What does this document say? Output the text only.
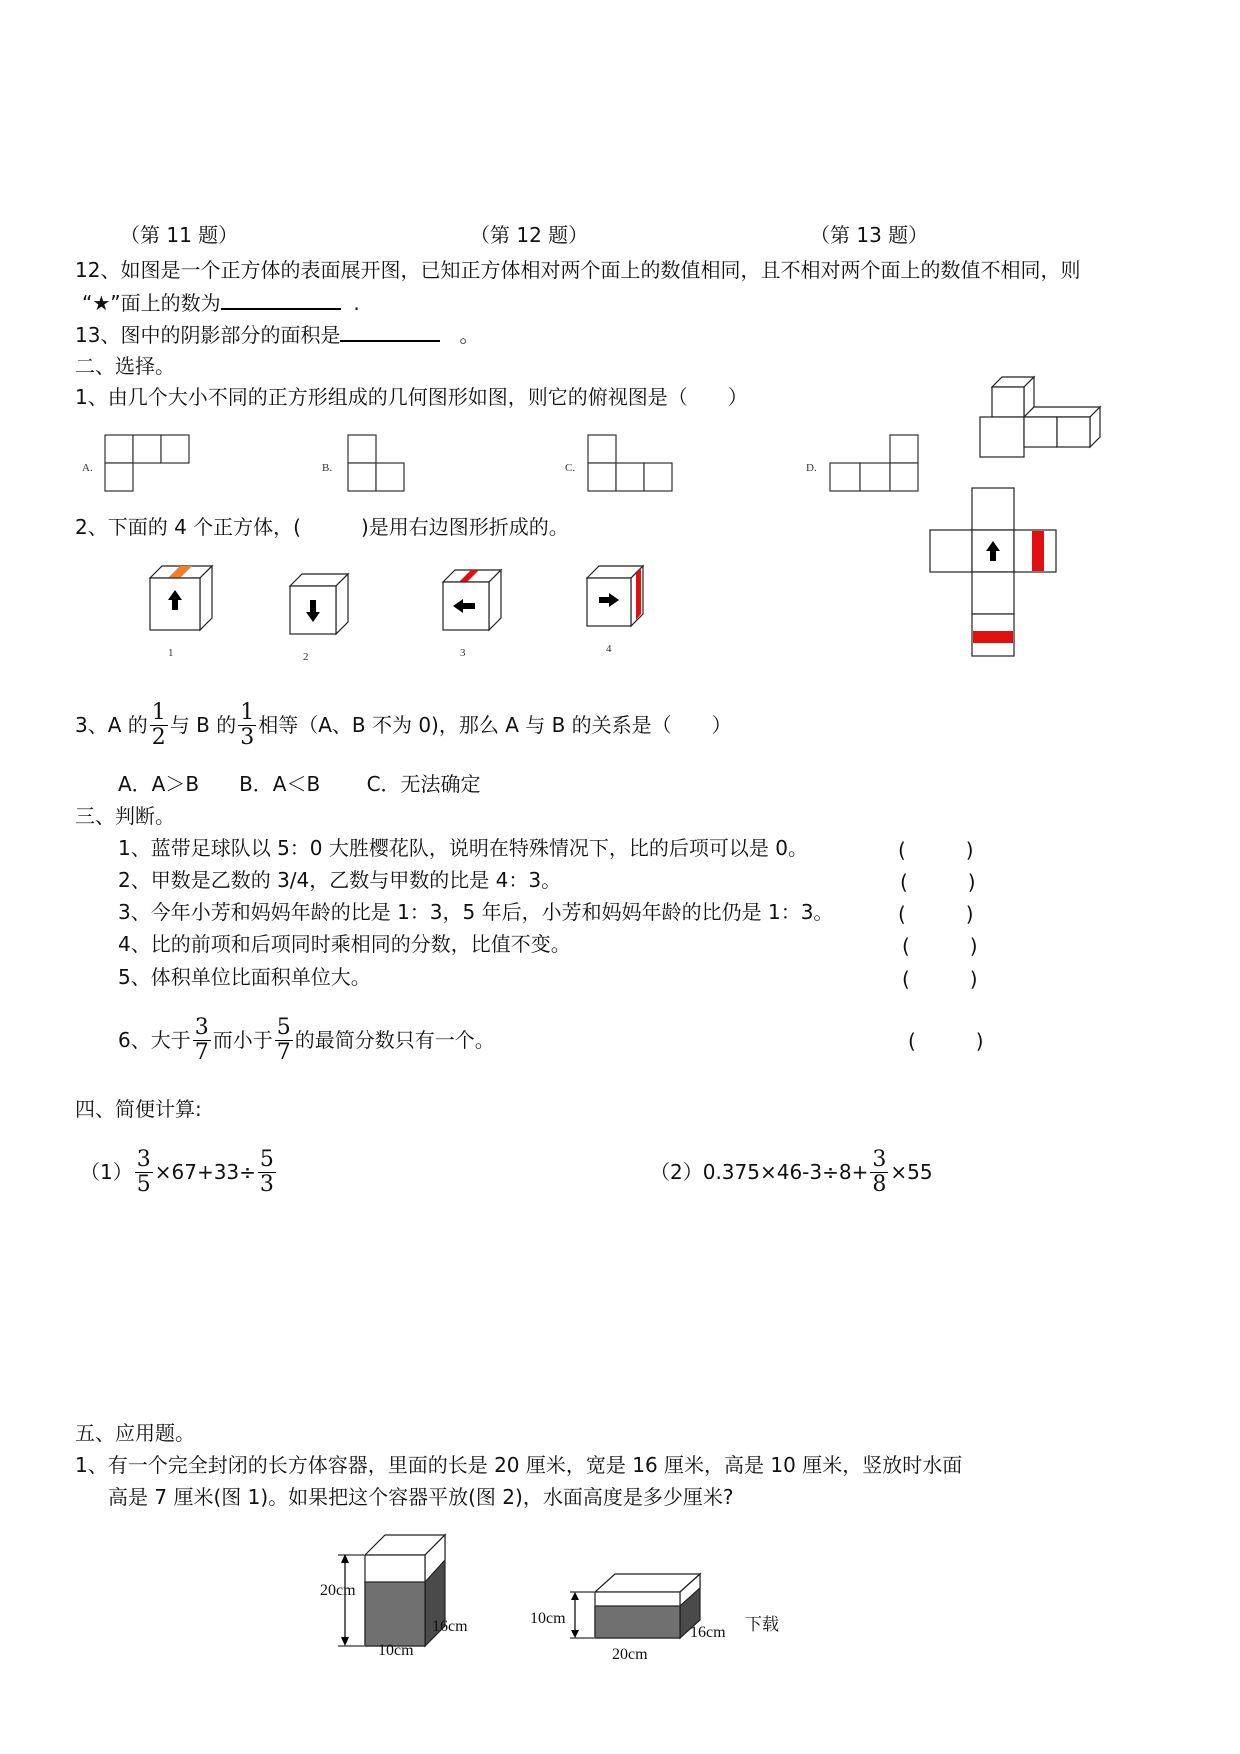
（第 11 题）	（第 12 题）	（第 13 题）
12、如图是一个正方体的表面展开图，已知正方体相对两个面上的数值相同，且不相对两个面上的数值不相同，则
“★”面上的数为	.
13、图中的阴影部分的面积是	。
二、选择。
1、由几个大小不同的正方形组成的几何图形如图，则它的俯视图是（　　）
A.	B.	C.	D.
2、下面的 4 个正方体，(　　　)是用右边图形折成的。
1	2	3	4
3、A 的 $\frac{1}{2}$ 与 B 的 $\frac{1}{3}$ 相等（A、B 不为 0)，那么 A 与 B 的关系是（　　）
A．A＞B　　B．A＜B　　 C．无法确定
三、判断。
1、蓝带足球队以 5：0 大胜樱花队，说明在特殊情况下，比的后项可以是 0。	(　　　)
2、甲数是乙数的 3/4，乙数与甲数的比是 4：3。	(　　　)
3、今年小芳和妈妈年龄的比是 1：3，5 年后，小芳和妈妈年龄的比仍是 1：3。	(　　　)
4、比的前项和后项同时乘相同的分数，比值不变。	(　　　)
5、体积单位比面积单位大。	(　　　)
6、大于 $\frac{3}{7}$ 而小于 $\frac{5}{7}$ 的最简分数只有一个。	(　　　)
四、简便计算:
$(1) \frac{3}{5} \times 67+33\div \frac{5}{3}$	$(2)0.375\times 46-3\div 8+ \frac{3}{8} \times 55$
五、应用题。
1、有一个完全封闭的长方体容器，里面的长是 20 厘米，宽是 16 厘米，高是 10 厘米，竖放时水面
高是 7 厘米(图 1)。如果把这个容器平放(图 2)，水面高度是多少厘米?
20cm
16cm
10cm
10cm
16cm
20cm
下载
